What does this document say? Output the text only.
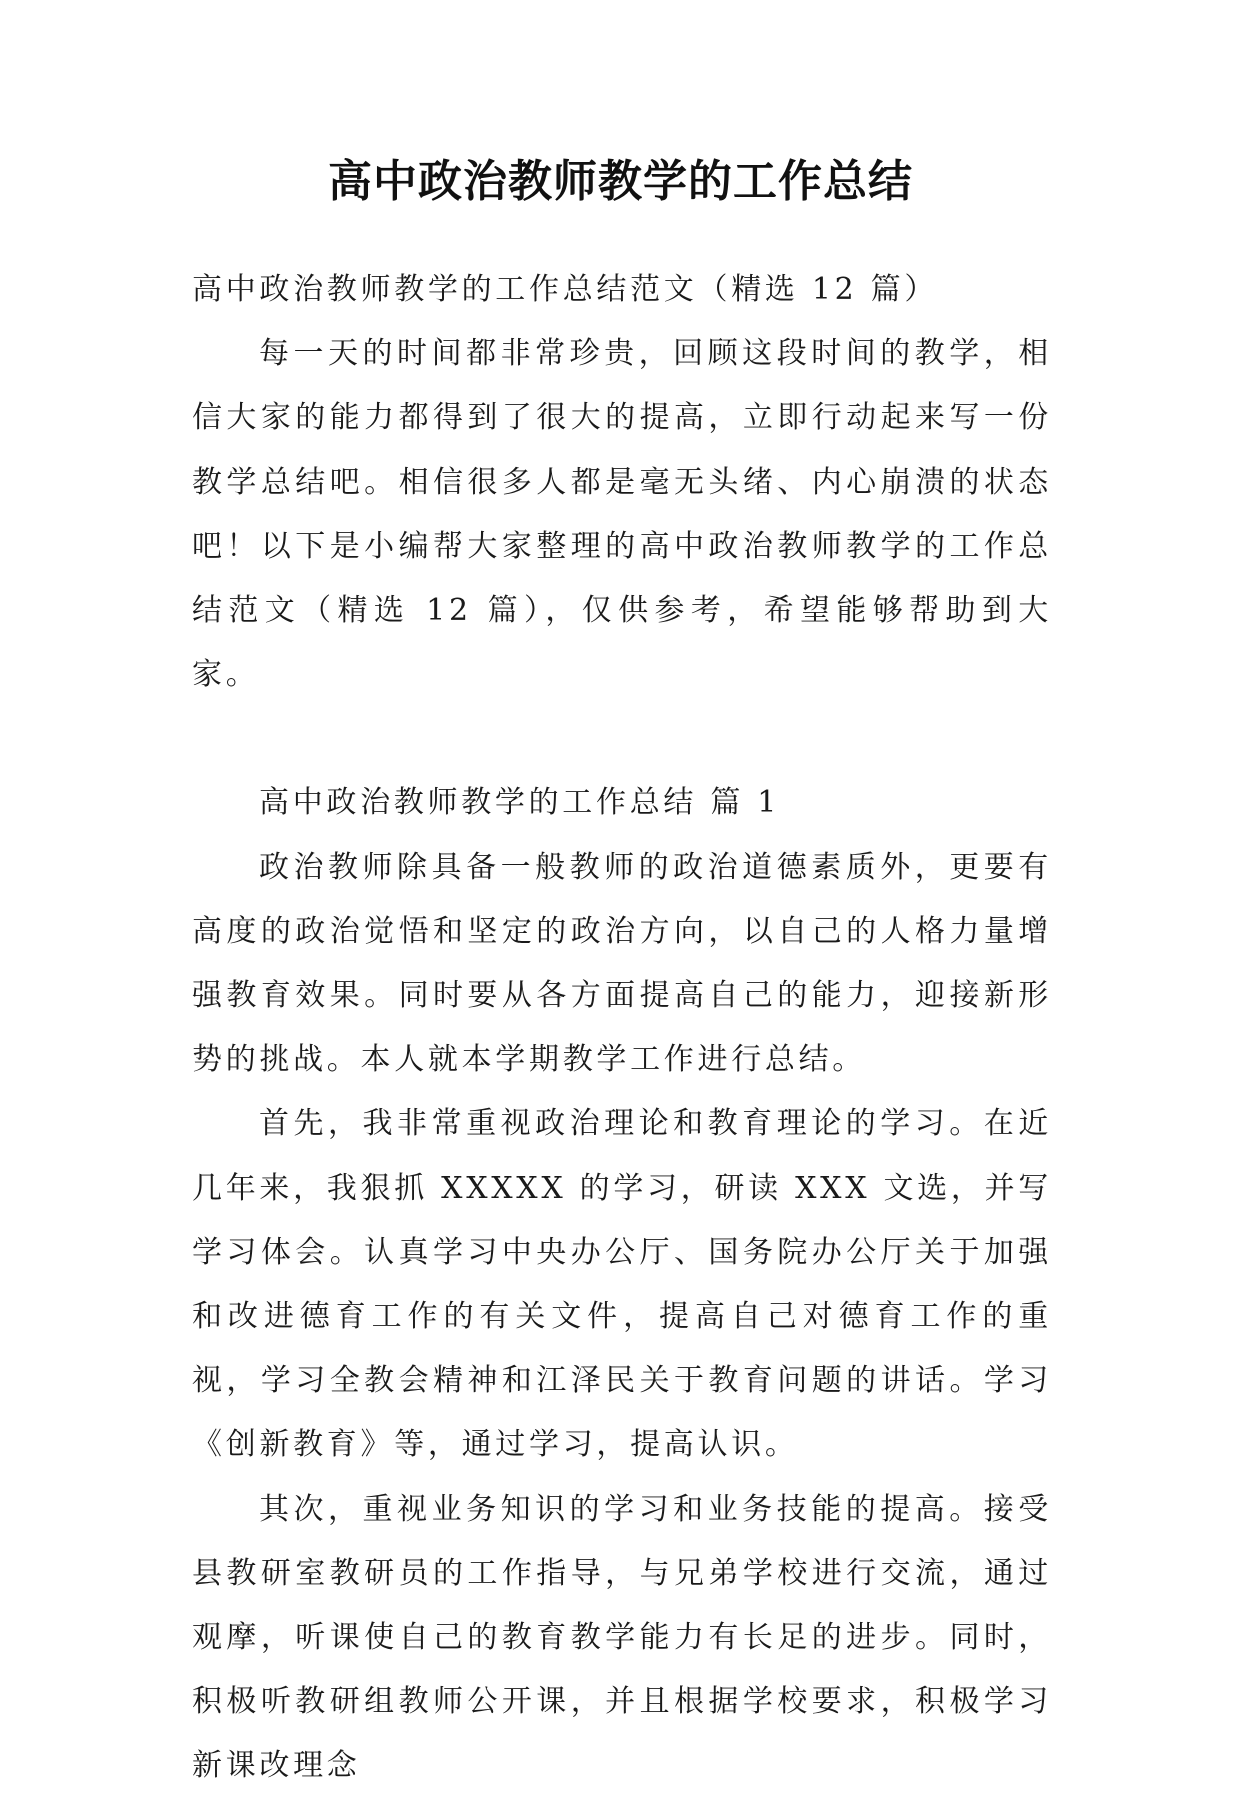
高中政治教师教学的工作总结

高中政治教师教学的工作总结范文（精选 12 篇）

每一天的时间都非常珍贵，回顾这段时间的教学，相信大家的能力都得到了很大的提高，立即行动起来写一份教学总结吧。相信很多人都是毫无头绪、内心崩溃的状态吧！以下是小编帮大家整理的高中政治教师教学的工作总结范文（精选 12 篇），仅供参考，希望能够帮助到大家。

高中政治教师教学的工作总结 篇 1

政治教师除具备一般教师的政治道德素质外，更要有高度的政治觉悟和坚定的政治方向，以自己的人格力量增强教育效果。同时要从各方面提高自己的能力，迎接新形势的挑战。本人就本学期教学工作进行总结。

首先，我非常重视政治理论和教育理论的学习。在近几年来，我狠抓 XXXXX 的学习，研读 XXX 文选，并写学习体会。认真学习中央办公厅、国务院办公厅关于加强和改进德育工作的有关文件，提高自己对德育工作的重视，学习全教会精神和江泽民关于教育问题的讲话。学习《创新教育》等，通过学习，提高认识。

其次，重视业务知识的学习和业务技能的提高。接受县教研室教研员的工作指导，与兄弟学校进行交流，通过观摩，听课使自己的教育教学能力有长足的进步。同时，积极听教研组教师公开课，并且根据学校要求，积极学习新课改理念
